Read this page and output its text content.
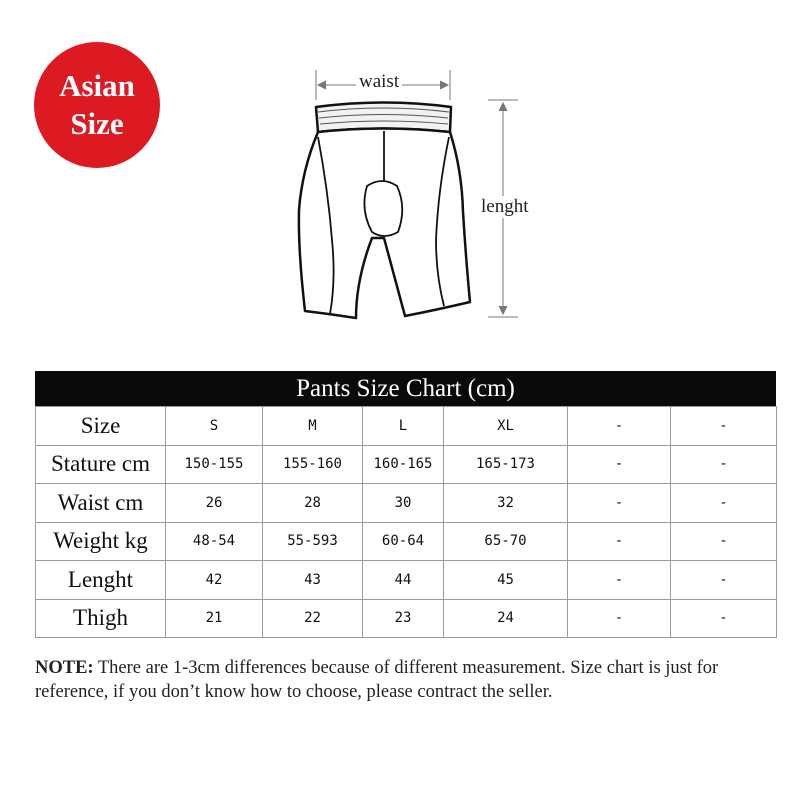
Asian
Size
waist
lenght
Pants Size Chart (cm)
Size	S	M	L	XL	-	-
Stature cm	150-155	155-160	160-165	165-173	-	-
Waist cm	26	28	30	32	-	-
Weight kg	48-54	55-593	60-64	65-70	-	-
Lenght	42	43	44	45	-	-
Thigh	21	22	23	24	-	-
NOTE: There are 1-3cm differences because of different measurement. Size chart is just for reference, if you don’t know how to choose, please contract the seller.
